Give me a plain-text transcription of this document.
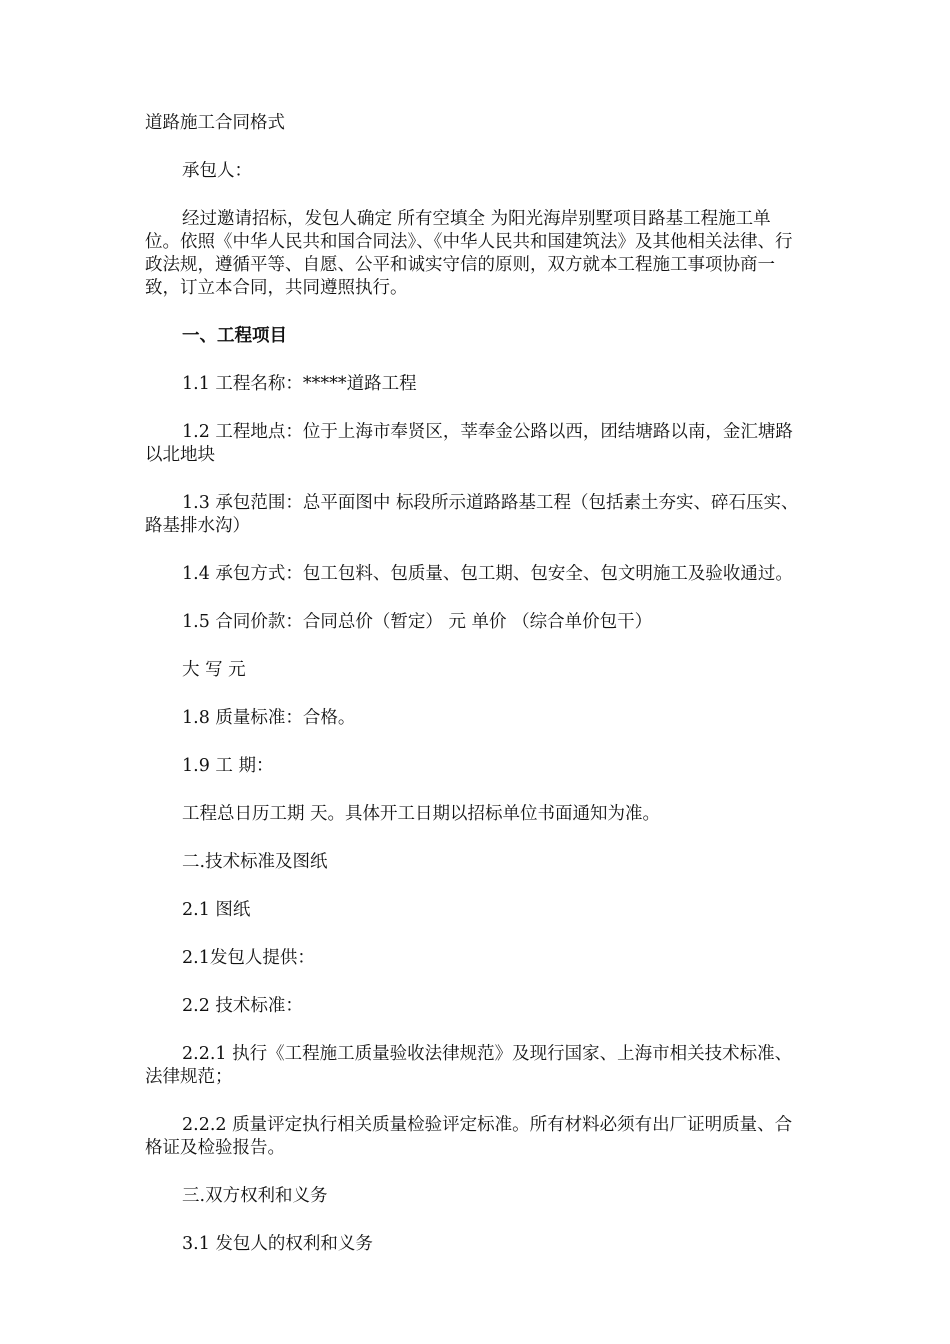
道路施工合同格式

承包人：

经过邀请招标，发包人确定 所有空填全 为阳光海岸别墅项目路基工程施工单位。依照《中华人民共和国合同法》、《中华人民共和国建筑法》及其他相关法律、行政法规，遵循平等、自愿、公平和诚实守信的原则，双方就本工程施工事项协商一致，订立本合同，共同遵照执行。

一、工程项目

1.1 工程名称：*****道路工程

1.2 工程地点：位于上海市奉贤区，莘奉金公路以西，团结塘路以南，金汇塘路以北地块

1.3 承包范围：总平面图中 标段所示道路路基工程（包括素土夯实、碎石压实、路基排水沟）

1.4 承包方式：包工包料、包质量、包工期、包安全、包文明施工及验收通过。

1.5 合同价款：合同总价（暂定） 元 单价 （综合单价包干）

大 写 元

1.8 质量标准：合格。

1.9 工 期：

工程总日历工期 天。具体开工日期以招标单位书面通知为准。

二.技术标准及图纸

2.1 图纸

2.1发包人提供：

2.2 技术标准：

2.2.1 执行《工程施工质量验收法律规范》及现行国家、上海市相关技术标准、法律规范；

2.2.2 质量评定执行相关质量检验评定标准。所有材料必须有出厂证明质量、合格证及检验报告。

三.双方权利和义务

3.1 发包人的权利和义务
